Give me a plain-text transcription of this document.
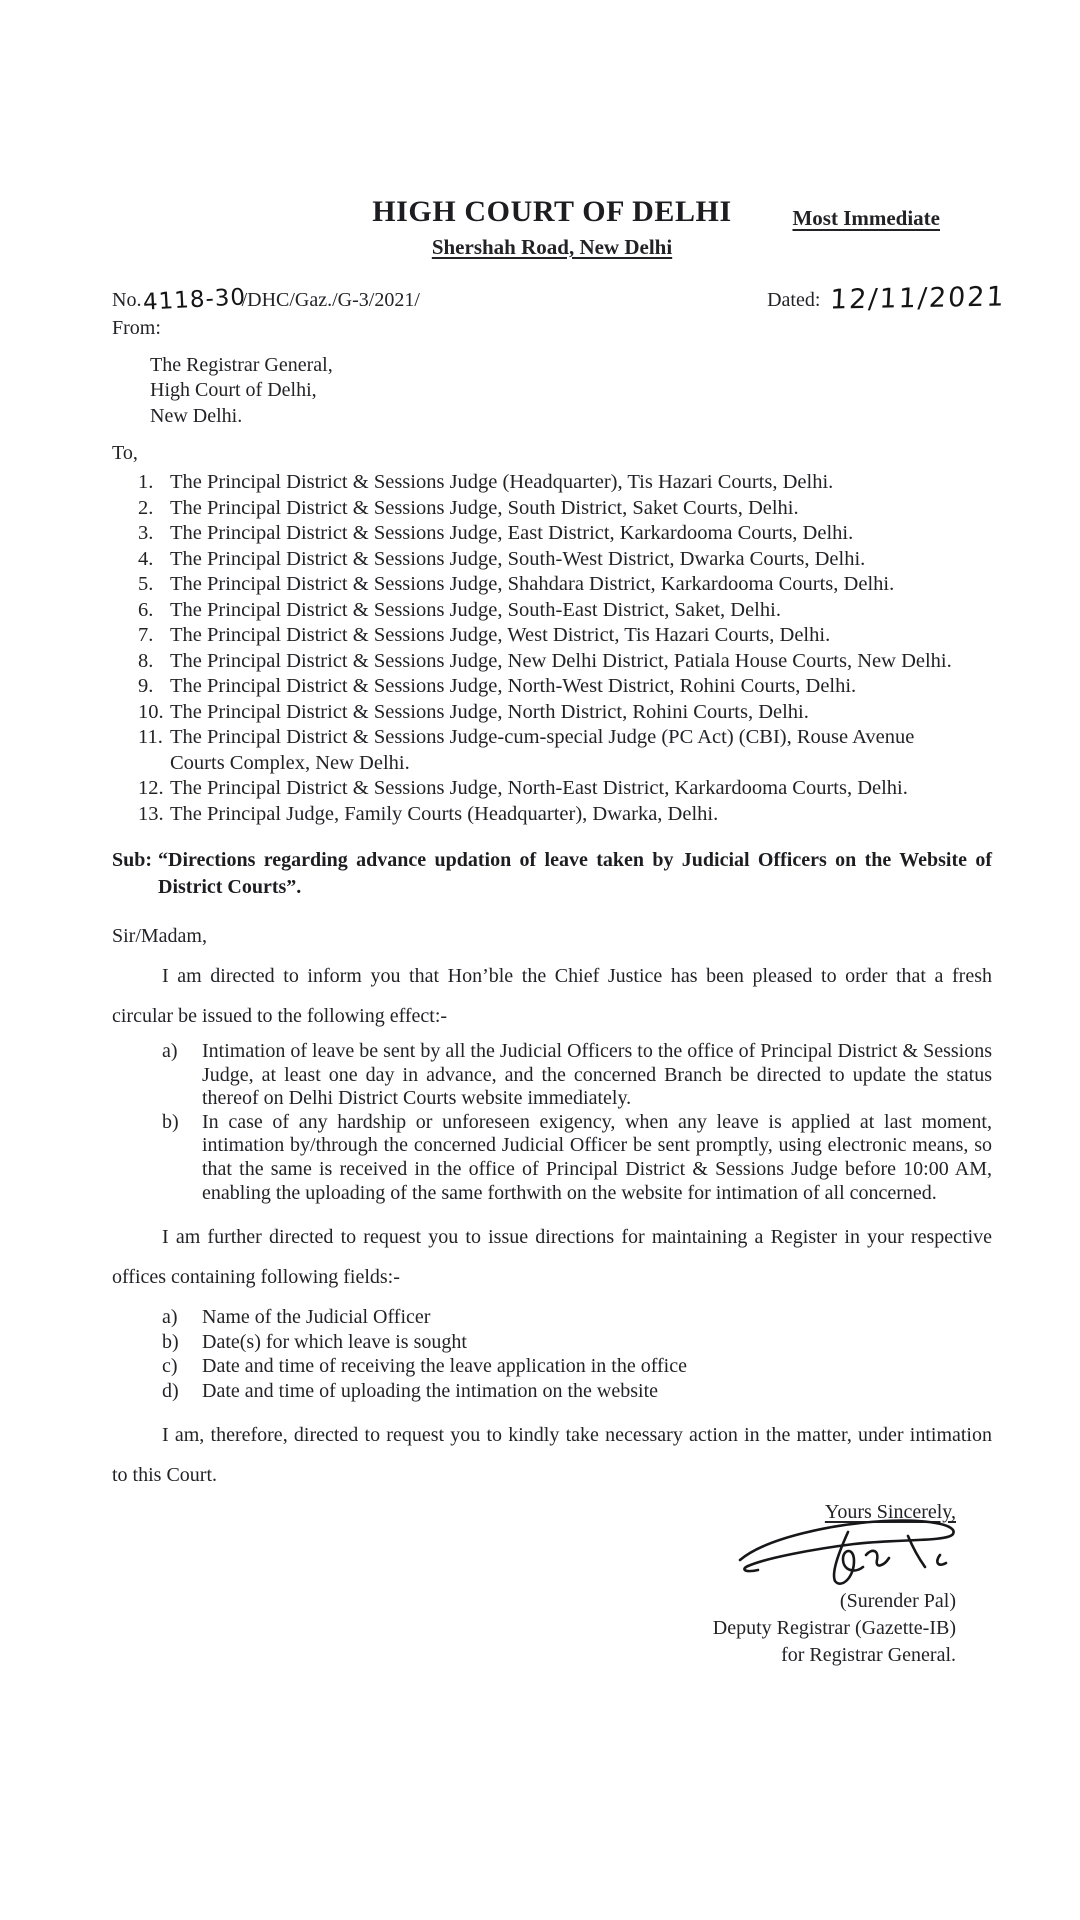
Most Immediate
HIGH COURT OF DELHI
Shershah Road, New Delhi
No.4118-30/DHC/Gaz./G-3/2021/	Dated: 12/11/2021
From:
The Registrar General,
High Court of Delhi,
New Delhi.
To,
1. The Principal District & Sessions Judge (Headquarter), Tis Hazari Courts, Delhi.
2. The Principal District & Sessions Judge, South District, Saket Courts, Delhi.
3. The Principal District & Sessions Judge, East District, Karkardooma Courts, Delhi.
4. The Principal District & Sessions Judge, South-West District, Dwarka Courts, Delhi.
5. The Principal District & Sessions Judge, Shahdara District, Karkardooma Courts, Delhi.
6. The Principal District & Sessions Judge, South-East District, Saket, Delhi.
7. The Principal District & Sessions Judge, West District, Tis Hazari Courts, Delhi.
8. The Principal District & Sessions Judge, New Delhi District, Patiala House Courts, New Delhi.
9. The Principal District & Sessions Judge, North-West District, Rohini Courts, Delhi.
10. The Principal District & Sessions Judge, North District, Rohini Courts, Delhi.
11. The Principal District & Sessions Judge-cum-special Judge (PC Act) (CBI), Rouse Avenue Courts Complex, New Delhi.
12. The Principal District & Sessions Judge, North-East District, Karkardooma Courts, Delhi.
13. The Principal Judge, Family Courts (Headquarter), Dwarka, Delhi.
Sub: “Directions regarding advance updation of leave taken by Judicial Officers on the Website of District Courts”.
Sir/Madam,
I am directed to inform you that Hon’ble the Chief Justice has been pleased to order that a fresh circular be issued to the following effect:-
a) Intimation of leave be sent by all the Judicial Officers to the office of Principal District & Sessions Judge, at least one day in advance, and the concerned Branch be directed to update the status thereof on Delhi District Courts website immediately.
b) In case of any hardship or unforeseen exigency, when any leave is applied at last moment, intimation by/through the concerned Judicial Officer be sent promptly, using electronic means, so that the same is received in the office of Principal District & Sessions Judge before 10:00 AM, enabling the uploading of the same forthwith on the website for intimation of all concerned.
I am further directed to request you to issue directions for maintaining a Register in your respective offices containing following fields:-
a) Name of the Judicial Officer
b) Date(s) for which leave is sought
c) Date and time of receiving the leave application in the office
d) Date and time of uploading the intimation on the website
I am, therefore, directed to request you to kindly take necessary action in the matter, under intimation to this Court.
Yours Sincerely,
(Surender Pal)
Deputy Registrar (Gazette-IB)
for Registrar General.
